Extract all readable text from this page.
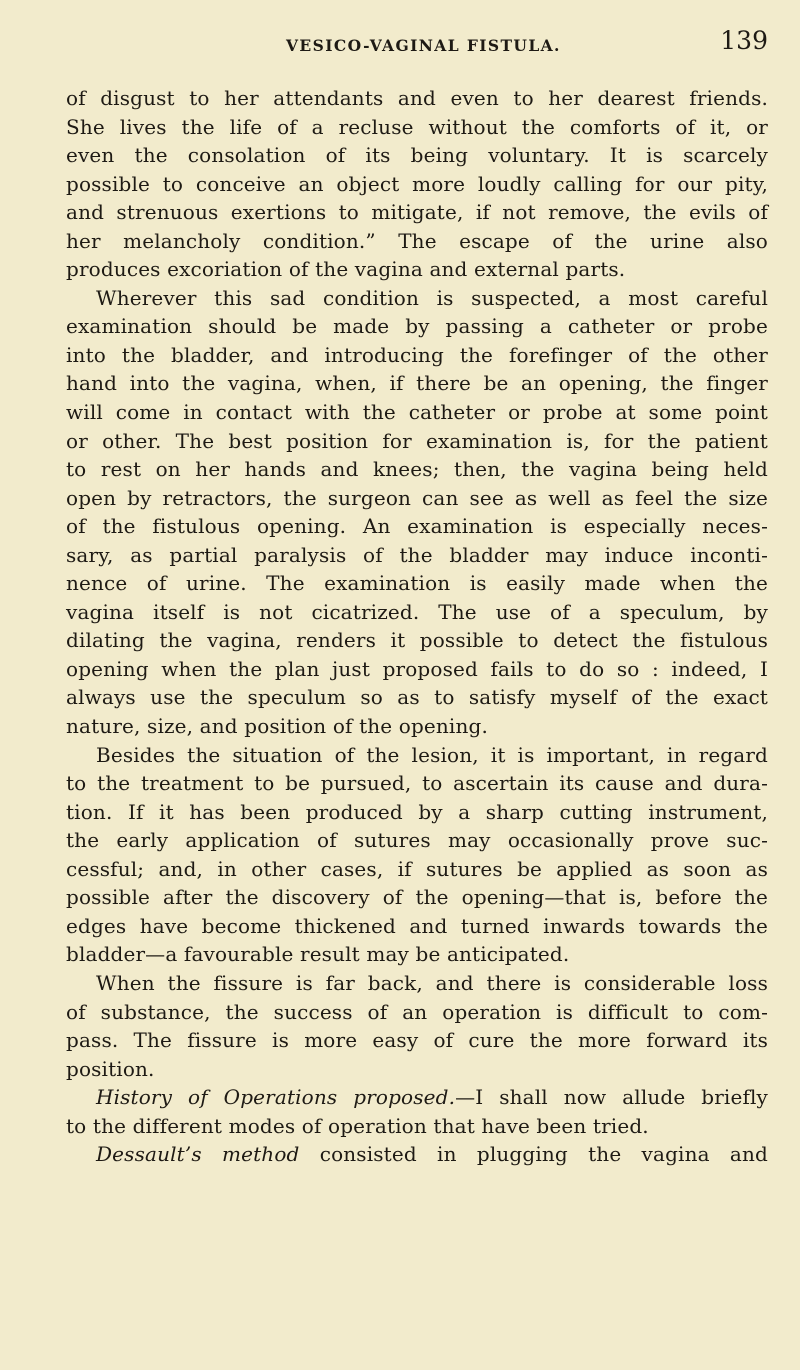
VESICO-VAGINAL FISTULA.	139
of disgust to her attendants and even to her dearest friends.
She lives the life of a recluse without the comforts of it, or
even the consolation of its being voluntary. It is scarcely
possible to conceive an object more loudly calling for our pity,
and strenuous exertions to mitigate, if not remove, the evils of
her melancholy condition.” The escape of the urine also
produces excoriation of the vagina and external parts.
Wherever this sad condition is suspected, a most careful
examination should be made by passing a catheter or probe
into the bladder, and introducing the forefinger of the other
hand into the vagina, when, if there be an opening, the finger
will come in contact with the catheter or probe at some point
or other. The best position for examination is, for the patient
to rest on her hands and knees; then, the vagina being held
open by retractors, the surgeon can see as well as feel the size
of the fistulous opening. An examination is especially neces-
sary, as partial paralysis of the bladder may induce inconti-
nence of urine. The examination is easily made when the
vagina itself is not cicatrized. The use of a speculum, by
dilating the vagina, renders it possible to detect the fistulous
opening when the plan just proposed fails to do so : indeed, I
always use the speculum so as to satisfy myself of the exact
nature, size, and position of the opening.
Besides the situation of the lesion, it is important, in regard
to the treatment to be pursued, to ascertain its cause and dura-
tion. If it has been produced by a sharp cutting instrument,
the early application of sutures may occasionally prove suc-
cessful; and, in other cases, if sutures be applied as soon as
possible after the discovery of the opening—that is, before the
edges have become thickened and turned inwards towards the
bladder—a favourable result may be anticipated.
When the fissure is far back, and there is considerable loss
of substance, the success of an operation is difficult to com-
pass. The fissure is more easy of cure the more forward its
position.
History of Operations proposed.—I shall now allude briefly
to the different modes of operation that have been tried.
Dessault’s method consisted in plugging the vagina and
